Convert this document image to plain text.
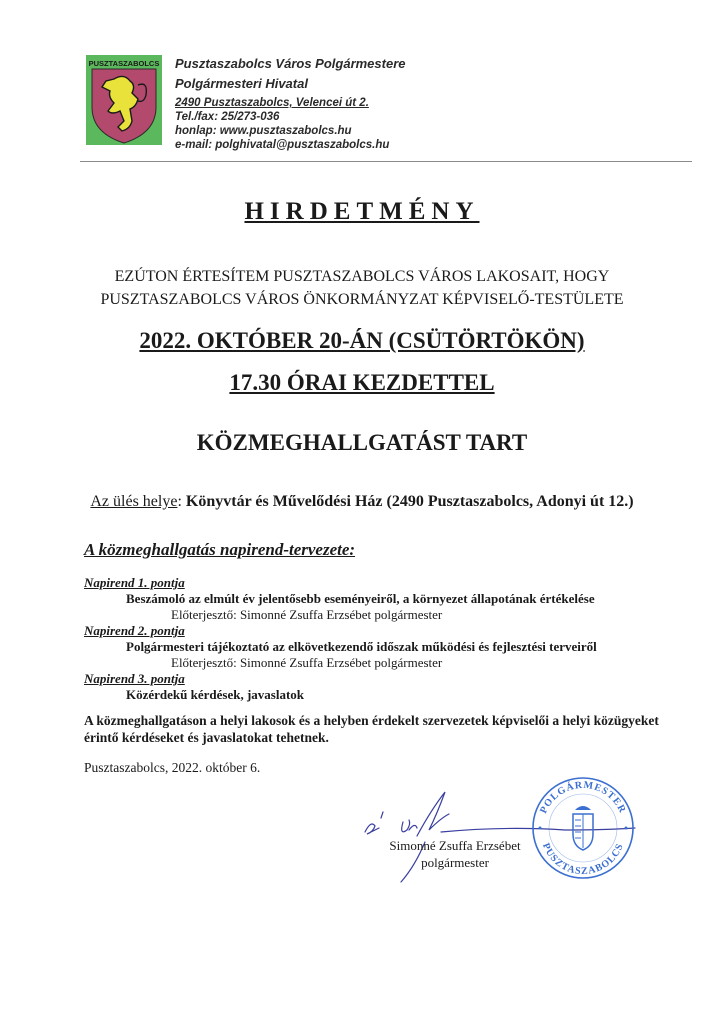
PUSZTASZABOLCS Pusztaszabolcs Város Polgármestere
Polgármesteri Hivatal
2490 Pusztaszabolcs, Velencei út 2.
Tel./fax: 25/273-036
honlap: www.pusztaszabolcs.hu
e-mail: polghivatal@pusztaszabolcs.hu
HIRDETMÉNY
EZÚTON ÉRTESÍTEM PUSZTASZABOLCS VÁROS LAKOSAIT, HOGY
PUSZTASZABOLCS VÁROS ÖNKORMÁNYZAT KÉPVISELŐ-TESTÜLETE
2022. OKTÓBER 20-ÁN (CSÜTÖRTÖKÖN)
17.30 ÓRAI KEZDETTEL
KÖZMEGHALLGATÁST TART
Az ülés helye: Könyvtár és Művelődési Ház (2490 Pusztaszabolcs, Adonyi út 12.)
A közmeghallgatás napirend-tervezete:
Napirend 1. pontja
Beszámoló az elmúlt év jelentősebb eseményeiről, a környezet állapotának értékelése
Előterjesztő: Simonné Zsuffa Erzsébet polgármester
Napirend 2. pontja
Polgármesteri tájékoztató az elkövetkezendő időszak működési és fejlesztési terveiről
Előterjesztő: Simonné Zsuffa Erzsébet polgármester
Napirend 3. pontja
Közérdekű kérdések, javaslatok
A közmeghallgatáson a helyi lakosok és a helyben érdekelt szervezetek képviselői a helyi közügyeket érintő kérdéseket és javaslatokat tehetnek.
Pusztaszabolcs, 2022. október 6.
POLGÁRMESTER
PUSZTASZABOLCS
Simonné Zsuffa Erzsébet
polgármester
